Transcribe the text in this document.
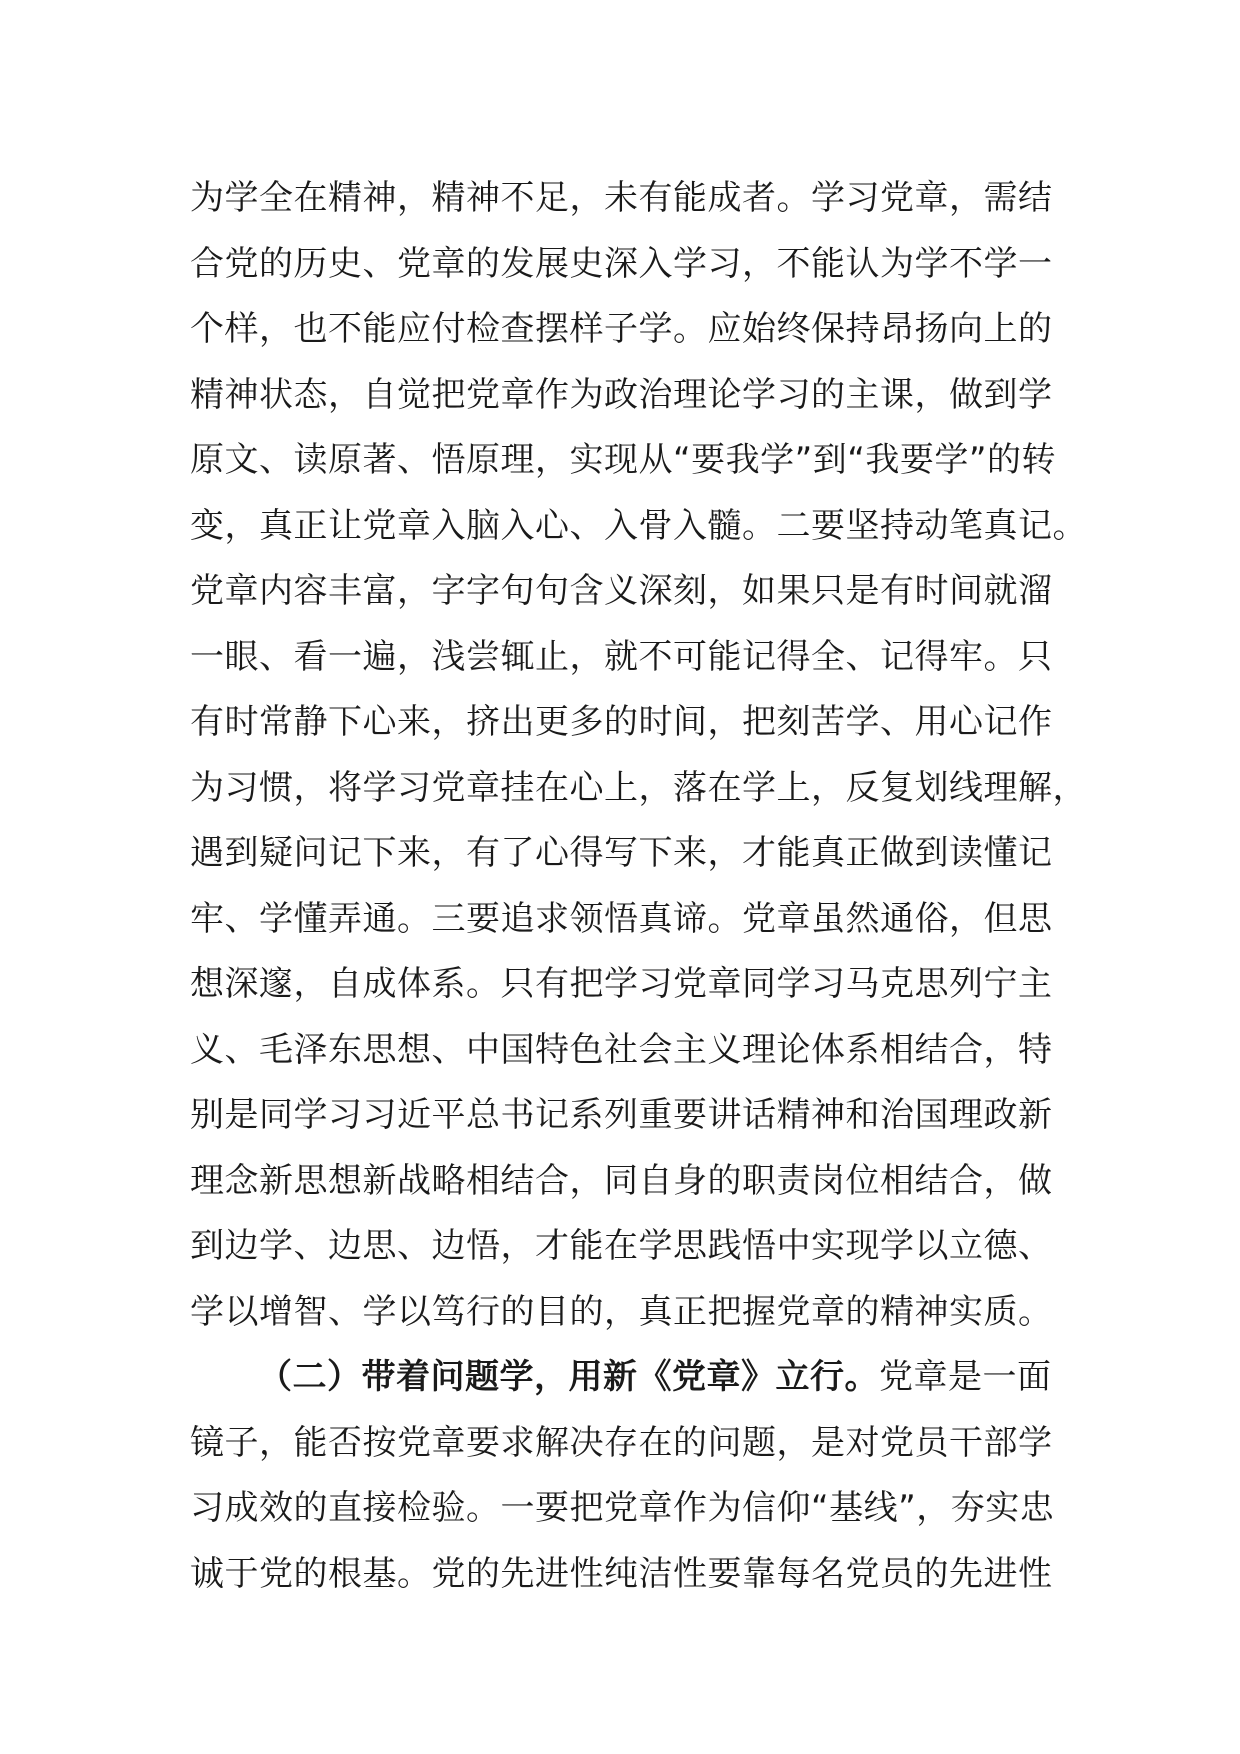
为学全在精神，精神不足，未有能成者。学习党章，需结
合党的历史、党章的发展史深入学习，不能认为学不学一
个样，也不能应付检查摆样子学。应始终保持昂扬向上的
精神状态，自觉把党章作为政治理论学习的主课，做到学
原文、读原著、悟原理，实现从“要我学”到“我要学”的转
变，真正让党章入脑入心、入骨入髓。二要坚持动笔真记。
党章内容丰富，字字句句含义深刻，如果只是有时间就溜
一眼、看一遍，浅尝辄止，就不可能记得全、记得牢。只
有时常静下心来，挤出更多的时间，把刻苦学、用心记作
为习惯，将学习党章挂在心上，落在学上，反复划线理解，
遇到疑问记下来，有了心得写下来，才能真正做到读懂记
牢、学懂弄通。三要追求领悟真谛。党章虽然通俗，但思
想深邃，自成体系。只有把学习党章同学习马克思列宁主
义、毛泽东思想、中国特色社会主义理论体系相结合，特
别是同学习习近平总书记系列重要讲话精神和治国理政新
理念新思想新战略相结合，同自身的职责岗位相结合，做
到边学、边思、边悟，才能在学思践悟中实现学以立德、
学以增智、学以笃行的目的，真正把握党章的精神实质。
（二）带着问题学，用新《党章》立行。党章是一面
镜子，能否按党章要求解决存在的问题，是对党员干部学
习成效的直接检验。一要把党章作为信仰“基线”，夯实忠
诚于党的根基。党的先进性纯洁性要靠每名党员的先进性
